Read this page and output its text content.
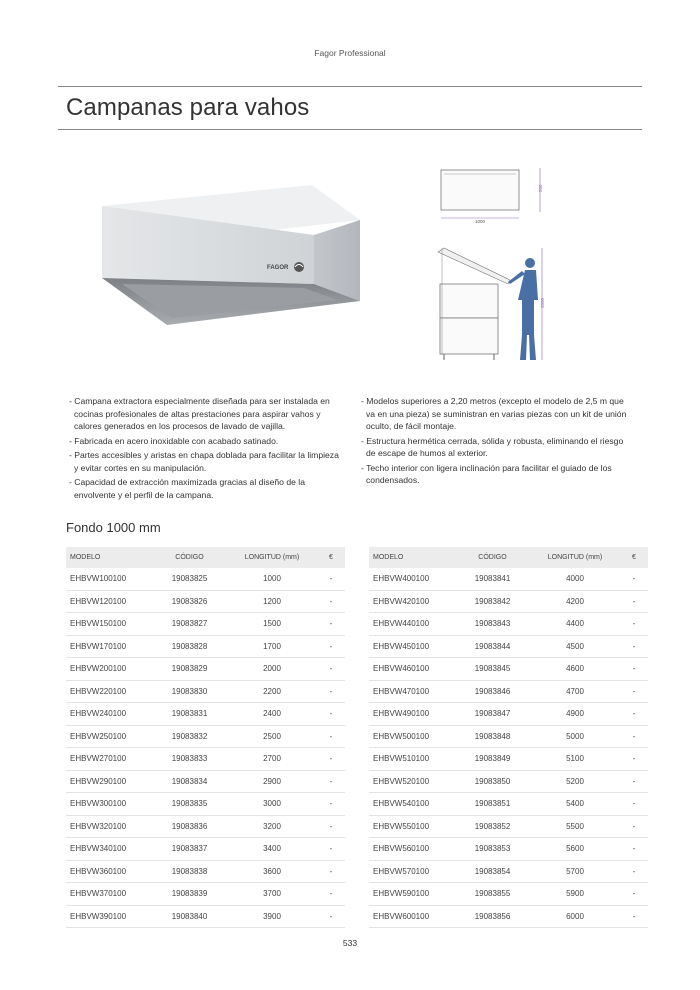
Fagor Professional
Campanas para vahos
FAGOR
500
1000
2000
- Campana extractora especialmente diseñada para ser instalada en cocinas profesionales de altas prestaciones para aspirar vahos y calores generados en los procesos de lavado de vajilla.
- Fabricada en acero inoxidable con acabado satinado.
- Partes accesibles y aristas en chapa doblada para facilitar la limpieza y evitar cortes en su manipulación.
- Capacidad de extracción maximizada gracias al diseño de la envolvente y el perfil de la campana.
- Modelos superiores a 2,20 metros (excepto el modelo de 2,5 m que va en una pieza) se suministran en varias piezas con un kit de unión oculto, de fácil montaje.
- Estructura hermética cerrada, sólida y robusta, eliminando el riesgo de escape de humos al exterior.
- Techo interior con ligera inclinación para facilitar el guiado de los condensados.
Fondo 1000 mm
MODELO	CÓDIGO	LONGITUD (mm)	€
EHBVW100100	19083825	1000	-
EHBVW120100	19083826	1200	-
EHBVW150100	19083827	1500	-
EHBVW170100	19083828	1700	-
EHBVW200100	19083829	2000	-
EHBVW220100	19083830	2200	-
EHBVW240100	19083831	2400	-
EHBVW250100	19083832	2500	-
EHBVW270100	19083833	2700	-
EHBVW290100	19083834	2900	-
EHBVW300100	19083835	3000	-
EHBVW320100	19083836	3200	-
EHBVW340100	19083837	3400	-
EHBVW360100	19083838	3600	-
EHBVW370100	19083839	3700	-
EHBVW390100	19083840	3900	-
MODELO	CÓDIGO	LONGITUD (mm)	€
EHBVW400100	19083841	4000	-
EHBVW420100	19083842	4200	-
EHBVW440100	19083843	4400	-
EHBVW450100	19083844	4500	-
EHBVW460100	19083845	4600	-
EHBVW470100	19083846	4700	-
EHBVW490100	19083847	4900	-
EHBVW500100	19083848	5000	-
EHBVW510100	19083849	5100	-
EHBVW520100	19083850	5200	-
EHBVW540100	19083851	5400	-
EHBVW550100	19083852	5500	-
EHBVW560100	19083853	5600	-
EHBVW570100	19083854	5700	-
EHBVW590100	19083855	5900	-
EHBVW600100	19083856	6000	-
533
